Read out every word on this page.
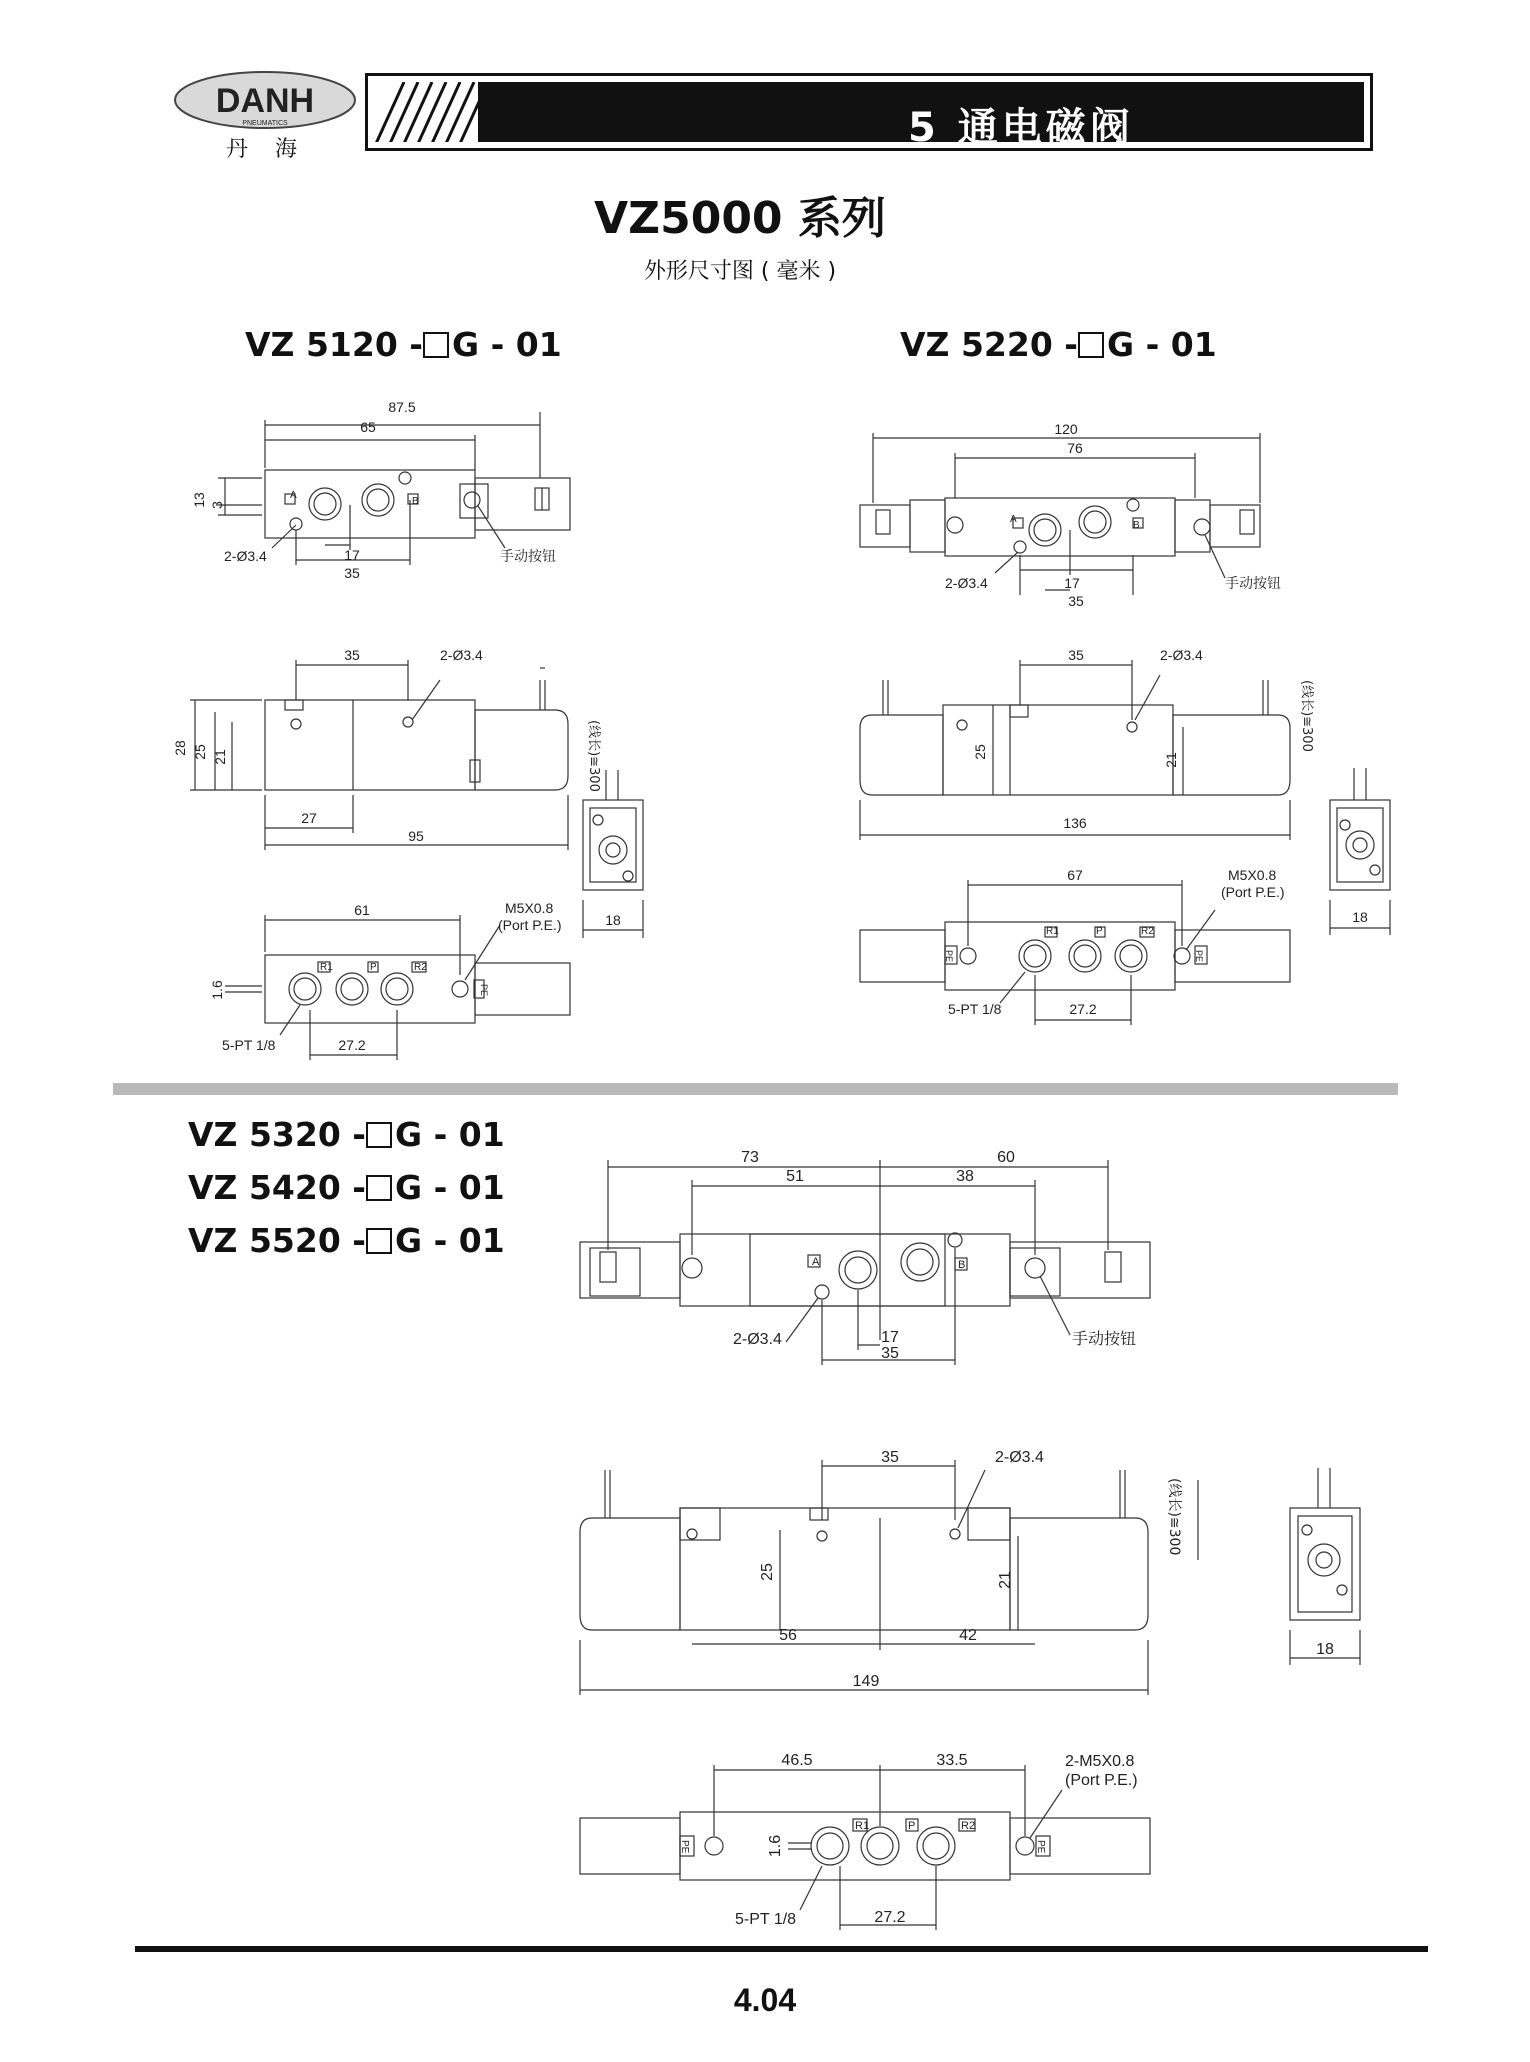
DANH
PNEUMATICS
丹 海	5 通电磁阀
VZ5000 系列
外形尺寸图 ( 毫米 )
VZ 5120 - G - 01	VZ 5220 - G - 01
VZ 5320 - G - 01
VZ 5420 - G - 01
VZ 5520 - G - 01
87.5
65
13 3
A
B
2-Ø3.4	17
35
手动按钮
35	2-Ø3.4
28 25 21
27
95
(线长)≅300
18
61	M5X0.8
(Port P.E.)
R1	P	R2
PE
1.6
5-PT 1/8	27.2
120
76
A
B
2-Ø3.4	17
35
手动按钮
35	2-Ø3.4
25
21
136
(线长)≅300
18
67	M5X0.8
(Port P.E.)
R1	P	R2
PE	PE
5-PT 1/8	27.2
73	60
51	38
A	B
2-Ø3.4	17
35
手动按钮
35	2-Ø3.4
25	21
56	42
149
(线长)≅300
18
46.5	33.5	2-M5X0.8
(Port P.E.)
R1	P	R2
PE	PE
1.6
5-PT 1/8	27.2
4.04
